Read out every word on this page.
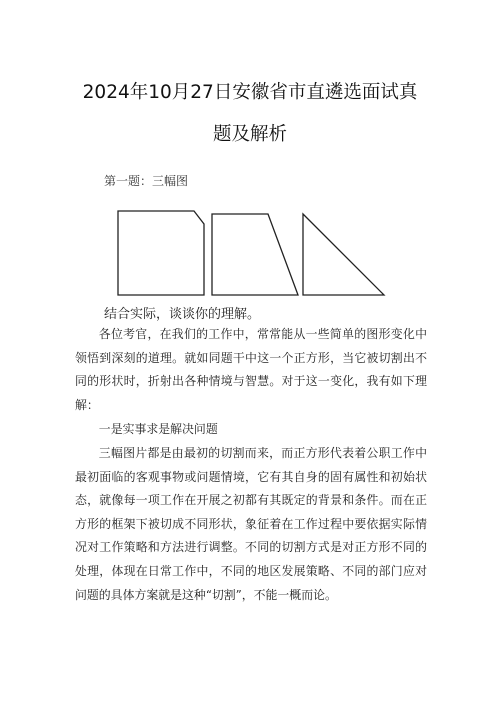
2024年10月27日安徽省市直遴选面试真
题及解析
第一题：三幅图
结合实际，谈谈你的理解。

各位考官，在我们的工作中，常常能从一些简单的图形变化中领悟到深刻的道理。就如同题干中这一个正方形，当它被切割出不同的形状时，折射出各种情境与智慧。对于这一变化，我有如下理解：

一是实事求是解决问题

三幅图片都是由最初的切割而来，而正方形代表着公职工作中最初面临的客观事物或问题情境，它有其自身的固有属性和初始状态，就像每一项工作在开展之初都有其既定的背景和条件。而在正方形的框架下被切成不同形状，象征着在工作过程中要依据实际情况对工作策略和方法进行调整。不同的切割方式是对正方形不同的处理，体现在日常工作中，不同的地区发展策略、不同的部门应对问题的具体方案就是这种“切割”，不能一概而论。
